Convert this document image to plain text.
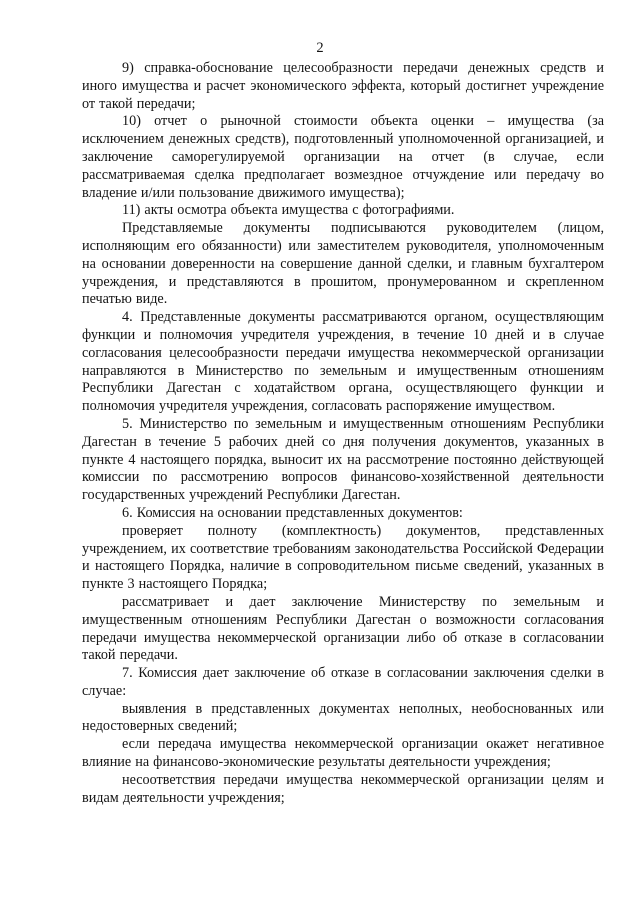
2

9) справка-обоснование целесообразности передачи денежных средств и иного имущества и расчет экономического эффекта, который достигнет учреждение от такой передачи;

10) отчет о рыночной стоимости объекта оценки – имущества (за исключением денежных средств), подготовленный уполномоченной организацией, и заключение саморегулируемой организации на отчет (в случае, если рассматриваемая сделка предполагает возмездное отчуждение или передачу во владение и/или пользование движимого имущества);

11) акты осмотра объекта имущества с фотографиями.

Представляемые документы подписываются руководителем (лицом, исполняющим его обязанности) или заместителем руководителя, уполномоченным на основании доверенности на совершение данной сделки, и главным бухгалтером учреждения, и представляются в прошитом, пронумерованном и скрепленном печатью виде.

4. Представленные документы рассматриваются органом, осуществляющим функции и полномочия учредителя учреждения, в течение 10 дней и в случае согласования целесообразности передачи имущества некоммерческой организации направляются в Министерство по земельным и имущественным отношениям Республики Дагестан с ходатайством органа, осуществляющего функции и полномочия учредителя учреждения, согласовать распоряжение имуществом.

5. Министерство по земельным и имущественным отношениям Республики Дагестан в течение 5 рабочих дней со дня получения документов, указанных в пункте 4 настоящего порядка, выносит их на рассмотрение постоянно действующей комиссии по рассмотрению вопросов финансово-хозяйственной деятельности государственных учреждений Республики Дагестан.

6. Комиссия на основании представленных документов:

проверяет полноту (комплектность) документов, представленных учреждением, их соответствие требованиям законодательства Российской Федерации и настоящего Порядка, наличие в сопроводительном письме сведений, указанных в пункте 3 настоящего Порядка;

рассматривает и дает заключение Министерству по земельным и имущественным отношениям Республики Дагестан о возможности согласования передачи имущества некоммерческой организации либо об отказе в согласовании такой передачи.

7. Комиссия дает заключение об отказе в согласовании заключения сделки в случае:

выявления в представленных документах неполных, необоснованных или недостоверных сведений;

если передача имущества некоммерческой организации окажет негативное влияние на финансово-экономические результаты деятельности учреждения;

несоответствия передачи имущества некоммерческой организации целям и видам деятельности учреждения;
